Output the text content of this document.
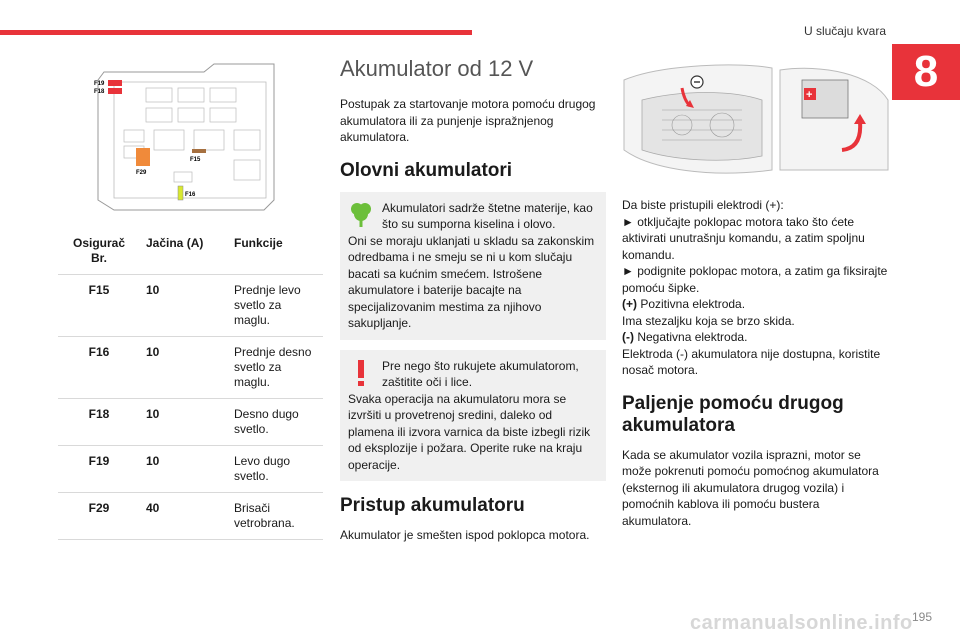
U slučaju kvara
8
F19
F18
F15
F29
F16
Osigurač Br.	Jačina (A)	Funkcije
F15	10	Prednje levo svetlo za maglu.
F16	10	Prednje desno svetlo za maglu.
F18	10	Desno dugo svetlo.
F19	10	Levo dugo svetlo.
F29	40	Brisači vetrobrana.
Akumulator od 12 V

Postupak za startovanje motora pomoću drugog akumulatora ili za punjenje ispražnjenog akumulatora.

Olovni akumulatori
Akumulatori sadrže štetne materije, kao što su sumporna kiselina i olovo.
Oni se moraju uklanjati u skladu sa zakonskim odredbama i ne smeju se ni u kom slučaju bacati sa kućnim smećem. Istrošene akumulatore i baterije bacajte na specijalizovanim mestima za njihovo sakupljanje.
Pre nego što rukujete akumulatorom, zaštitite oči i lice.
Svaka operacija na akumulatoru mora se izvršiti u provetrenoj sredini, daleko od plamena ili izvora varnica da biste izbegli rizik od eksplozije i požara. Operite ruke na kraju operacije.
Pristup akumulatoru

Akumulator je smešten ispod poklopca motora.

+

Da biste pristupili elektrodi (+):

► otključajte poklopac motora tako što ćete aktivirati unutrašnju komandu, a zatim spoljnu komandu.

► podignite poklopac motora, a zatim ga fiksirajte pomoću šipke.

(+) Pozitivna elektroda.

Ima stezaljku koja se brzo skida.

(-) Negativna elektroda.

Elektroda (-) akumulatora nije dostupna, koristite nosač motora.

Paljenje pomoću drugog akumulatora

Kada se akumulator vozila isprazni, motor se može pokrenuti pomoću pomoćnog akumulatora (eksternog ili akumulatora drugog vozila) i pomoćnih kablova ili pomoću bustera akumulatora.

carmanualsonline.info 195
